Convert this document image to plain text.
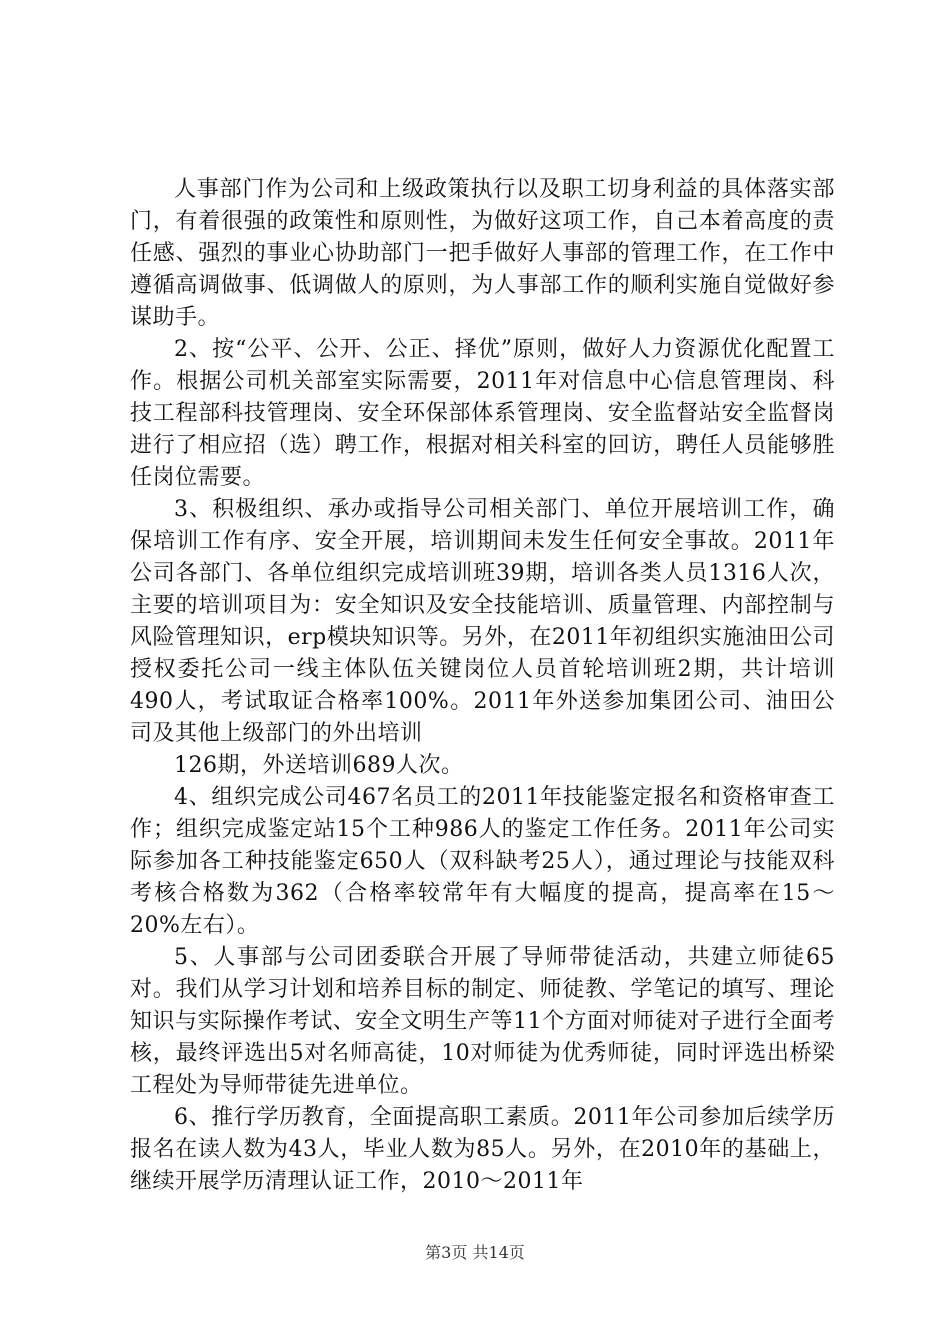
人事部门作为公司和上级政策执行以及职工切身利益的具体落实部门，有着很强的政策性和原则性，为做好这项工作，自己本着高度的责任感、强烈的事业心协助部门一把手做好人事部的管理工作，在工作中遵循高调做事、低调做人的原则，为人事部工作的顺利实施自觉做好参谋助手。

2、按“公平、公开、公正、择优”原则，做好人力资源优化配置工作。根据公司机关部室实际需要，2011年对信息中心信息管理岗、科技工程部科技管理岗、安全环保部体系管理岗、安全监督站安全监督岗进行了相应招（选）聘工作，根据对相关科室的回访，聘任人员能够胜任岗位需要。

3、积极组织、承办或指导公司相关部门、单位开展培训工作，确保培训工作有序、安全开展，培训期间未发生任何安全事故。2011年公司各部门、各单位组织完成培训班39期，培训各类人员1316人次，主要的培训项目为：安全知识及安全技能培训、质量管理、内部控制与风险管理知识，erp模块知识等。另外，在2011年初组织实施油田公司授权委托公司一线主体队伍关键岗位人员首轮培训班2期，共计培训490人，考试取证合格率100%。2011年外送参加集团公司、油田公司及其他上级部门的外出培训

126期，外送培训689人次。

4、组织完成公司467名员工的2011年技能鉴定报名和资格审查工作；组织完成鉴定站15个工种986人的鉴定工作任务。2011年公司实际参加各工种技能鉴定650人（双科缺考25人），通过理论与技能双科考核合格数为362（合格率较常年有大幅度的提高，提高率在15～20%左右）。

5、人事部与公司团委联合开展了导师带徒活动，共建立师徒65对。我们从学习计划和培养目标的制定、师徒教、学笔记的填写、理论知识与实际操作考试、安全文明生产等11个方面对师徒对子进行全面考核，最终评选出5对名师高徒，10对师徒为优秀师徒，同时评选出桥梁工程处为导师带徒先进单位。

6、推行学历教育，全面提高职工素质。2011年公司参加后续学历报名在读人数为43人，毕业人数为85人。另外，在2010年的基础上，继续开展学历清理认证工作，2010～2011年

第3页 共14页
